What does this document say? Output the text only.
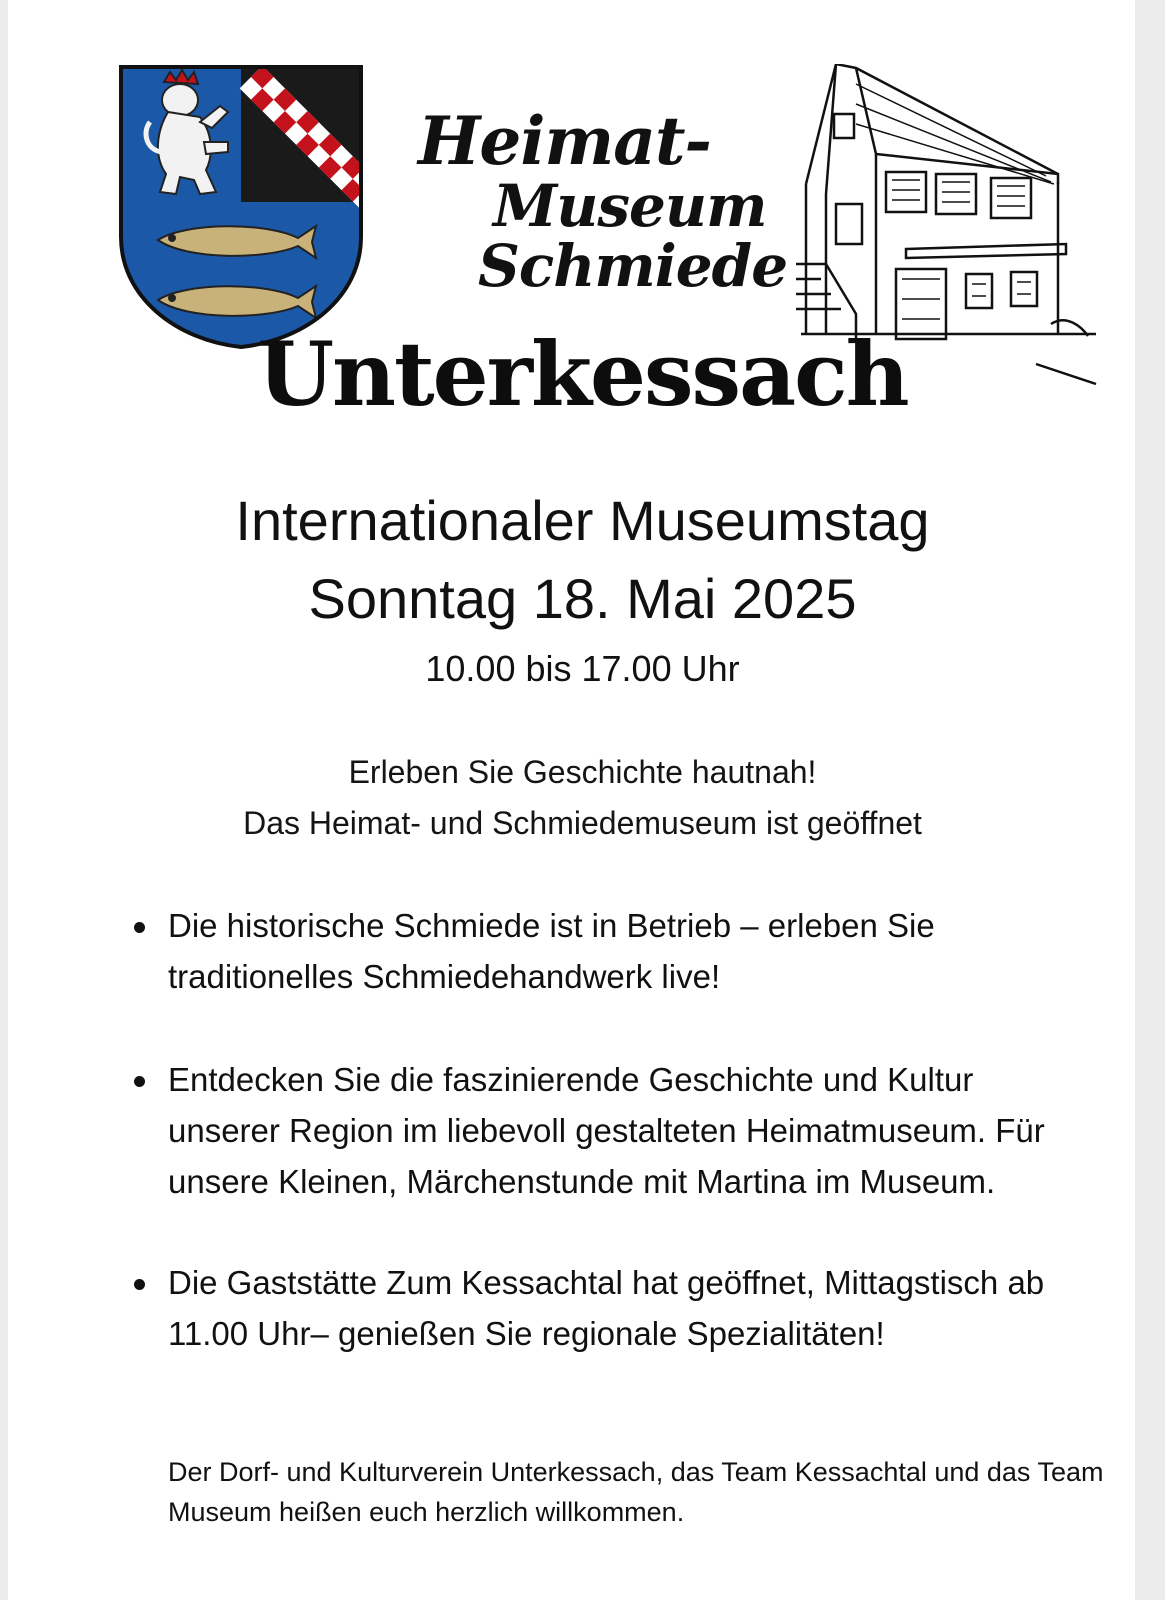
Heimat-
Museum
Schmiede
Unterkessach
Internationaler Museumstag
Sonntag 18. Mai 2025
10.00 bis 17.00 Uhr
Erleben Sie Geschichte hautnah!
Das Heimat- und Schmiedemuseum ist geöffnet
Die historische Schmiede ist in Betrieb – erleben Sie traditionelles Schmiedehandwerk live!
Entdecken Sie die faszinierende Geschichte und Kultur unserer Region im liebevoll gestalteten Heimatmuseum. Für unsere Kleinen, Märchenstunde mit Martina im Museum.
Die Gaststätte Zum Kessachtal hat geöffnet, Mittagstisch ab 11.00 Uhr– genießen Sie regionale Spezialitäten!
Der Dorf- und Kulturverein Unterkessach, das Team Kessachtal und das Team Museum heißen euch herzlich willkommen.
